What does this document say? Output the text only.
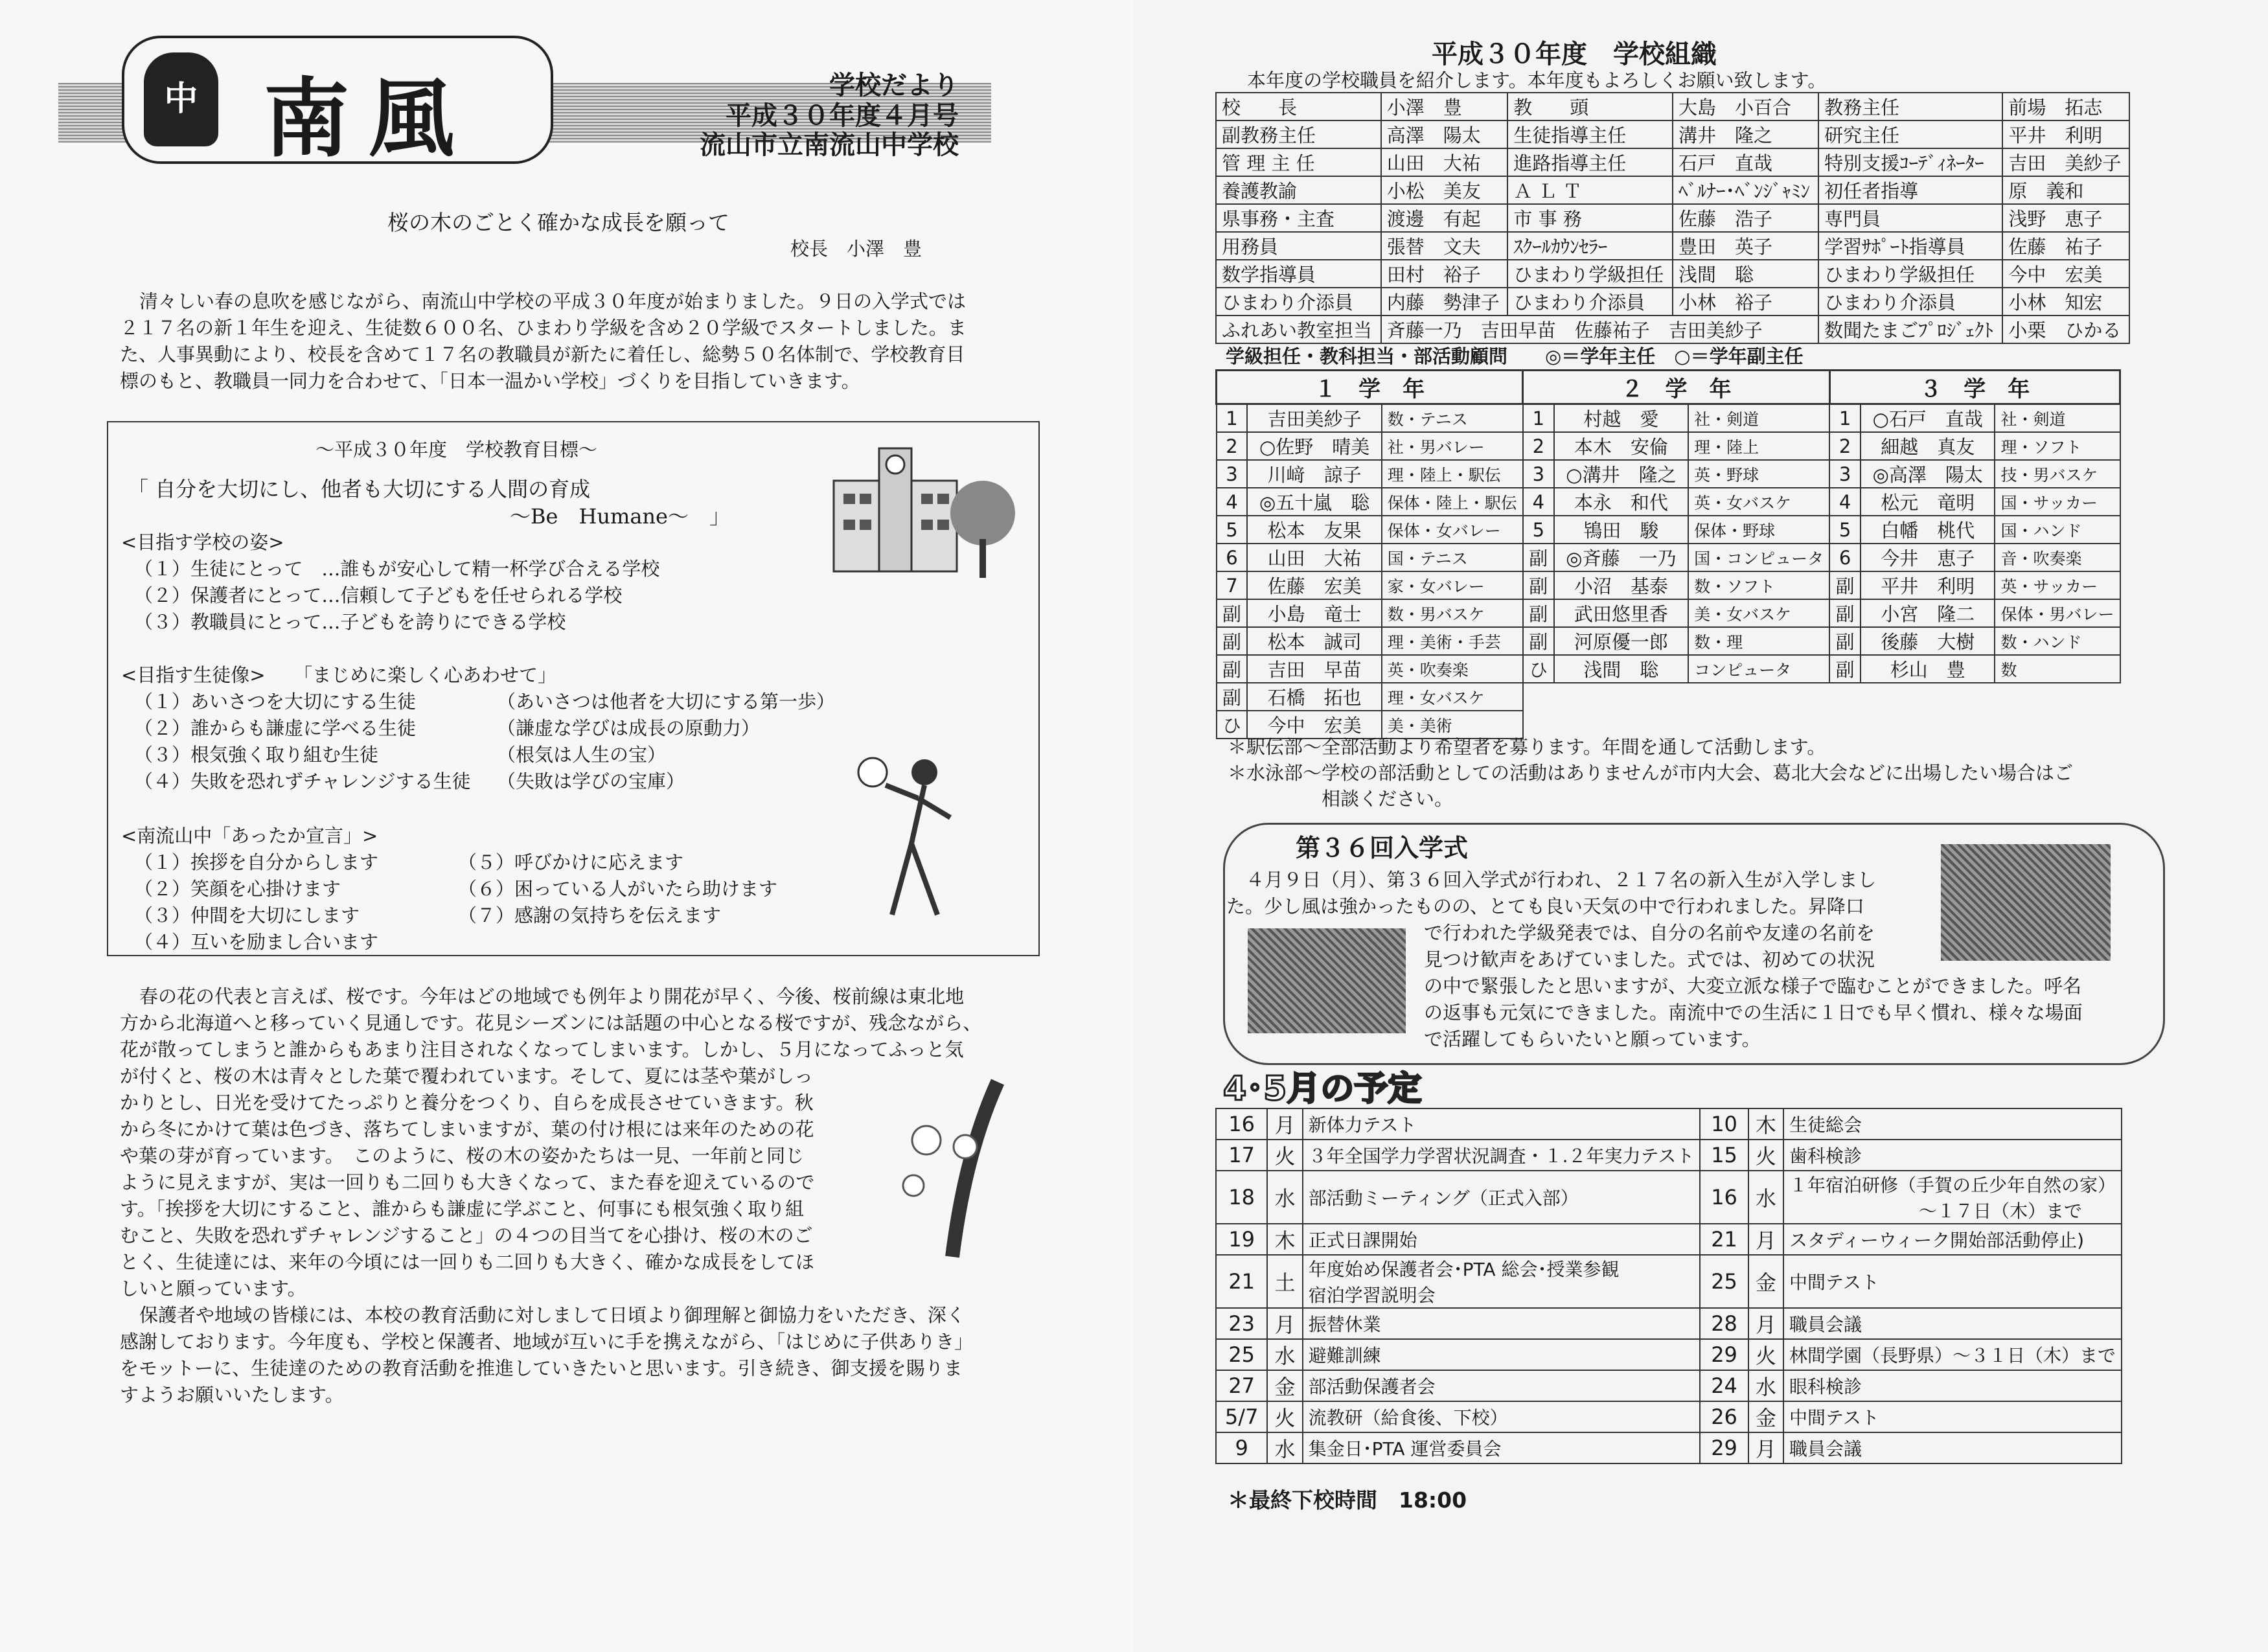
中 南風	学校だより
平成３０年度４月号
流山市立南流山中学校
桜の木のごとく確かな成長を願って
校長　小澤　豊
清々しい春の息吹を感じながら、南流山中学校の平成３０年度が始まりました。９日の入学式では
２１７名の新１年生を迎え、生徒数６００名、ひまわり学級を含め２０学級でスタートしました。ま
た、人事異動により、校長を含めて１７名の教職員が新たに着任し、総勢５０名体制で、学校教育目
標のもと、教職員一同力を合わせて、「日本一温かい学校」づくりを目指していきます。
～平成３０年度　学校教育目標～
「 自分を大切にし、他者も大切にする人間の育成
～Be　Humane～　」
<目指す学校の姿>
（１）生徒にとって　…誰もが安心して精一杯学び合える学校
（２）保護者にとって…信頼して子どもを任せられる学校
（３）教職員にとって…子どもを誇りにできる学校
<目指す生徒像>　　「まじめに楽しく心あわせて」
（１）あいさつを大切にする生徒	（あいさつは他者を大切にする第一歩）
（２）誰からも謙虚に学べる生徒	（謙虚な学びは成長の原動力）
（３）根気強く取り組む生徒	（根気は人生の宝）
（４）失敗を恐れずチャレンジする生徒 （失敗は学びの宝庫）
<南流山中「あったか宣言」>
（１）挨拶を自分からします
（２）笑顔を心掛けます
（３）仲間を大切にします
（４）互いを励まし合います
（５）呼びかけに応えます
（６）困っている人がいたら助けます
（７）感謝の気持ちを伝えます
春の花の代表と言えば、桜です。今年はどの地域でも例年より開花が早く、今後、桜前線は東北地
方から北海道へと移っていく見通しです。花見シーズンには話題の中心となる桜ですが、残念ながら、
花が散ってしまうと誰からもあまり注目されなくなってしまいます。しかし、５月になってふっと気
が付くと、桜の木は青々とした葉で覆われています。そして、夏には茎や葉がしっ
かりとし、日光を受けてたっぷりと養分をつくり、自らを成長させていきます。秋
から冬にかけて葉は色づき、落ちてしまいますが、葉の付け根には来年のための花
や葉の芽が育っています。　このように、桜の木の姿かたちは一見、一年前と同じ
ように見えますが、実は一回りも二回りも大きくなって、また春を迎えているので
す。「挨拶を大切にすること、誰からも謙虚に学ぶこと、何事にも根気強く取り組
むこと、失敗を恐れずチャレンジすること」の４つの目当てを心掛け、桜の木のご
とく、生徒達には、来年の今頃には一回りも二回りも大きく、確かな成長をしてほ
しいと願っています。
保護者や地域の皆様には、本校の教育活動に対しまして日頃より御理解と御協力をいただき、深く
感謝しております。今年度も、学校と保護者、地域が互いに手を携えながら、「はじめに子供ありき」
をモットーに、生徒達のための教育活動を推進していきたいと思います。引き続き、御支援を賜りま
すようお願いいたします。
平成３０年度　学校組織
本年度の学校職員を紹介します。本年度もよろしくお願い致します。
校　　長	小澤　豊	教　　頭	大島　小百合	教務主任	前場　拓志
副教務主任	高澤　陽太	生徒指導主任	溝井　隆之	研究主任	平井　利明
管 理 主 任	山田　大祐	進路指導主任	石戸　直哉	特別支援ｺｰﾃﾞｨﾈｰﾀｰ	吉田　美紗子
養護教諭	小松　美友	Ａ Ｌ Ｔ	ﾍﾞﾙﾅｰ･ﾍﾞﾝｼﾞｬﾐﾝ	初任者指導	原　義和
県事務・主査	渡邊　有起	市 事 務	佐藤　浩子	専門員	浅野　恵子
用務員	張替　文夫	ｽｸｰﾙｶｳﾝｾﾗｰ	豊田　英子	学習ｻﾎﾟｰﾄ指導員	佐藤　祐子
数学指導員	田村　裕子	ひまわり学級担任	浅間　聡	ひまわり学級担任	今中　宏美
ひまわり介添員	内藤　勢津子	ひまわり介添員	小林　裕子	ひまわり介添員	小林　知宏
ふれあい教室担当	斉藤一乃　吉田早苗　佐藤祐子　吉田美紗子			数聞たまごﾌﾟﾛｼﾞｪｸﾄ	小栗　ひかる
学級担任・教科担当・部活動顧問　　◎＝学年主任　○＝学年副主任
１　学　年			２　学　年			３　学　年		
1	吉田美紗子	数・テニス	1	村越　愛	社・剣道	1	○石戸　直哉	社・剣道
2	○佐野　晴美	社・男バレー	2	本木　安倫	理・陸上	2	細越　真友	理・ソフト
3	川﨑　諒子	理・陸上・駅伝	3	○溝井　隆之	英・野球	3	◎高澤　陽太	技・男バスケ
4	◎五十嵐　聡	保体・陸上・駅伝	4	本永　和代	英・女バスケ	4	松元　竜明	国・サッカー
5	松本　友果	保体・女バレー	5	鴇田　駿	保体・野球	5	白幡　桃代	国・ハンド
6	山田　大祐	国・テニス	副	◎斉藤　一乃	国・コンピュータ	6	今井　恵子	音・吹奏楽
7	佐藤　宏美	家・女バレー	副	小沼　基泰	数・ソフト	副	平井　利明	英・サッカー
副	小島　竜士	数・男バスケ	副	武田悠里香	美・女バスケ	副	小宮　隆二	保体・男バレー
副	松本　誠司	理・美術・手芸	副	河原優一郎	数・理	副	後藤　大樹	数・ハンド
副	吉田　早苗	英・吹奏楽	ひ	浅間　聡	コンピュータ	副	杉山　豊	数
副	石橋　拓也	理・女バスケ						
ひ	今中　宏美	美・美術						
＊駅伝部～全部活動より希望者を募ります。年間を通して活動します。
＊水泳部～学校の部活動としての活動はありませんが市内大会、葛北大会などに出場したい場合はご
　　　　　相談ください。
第３６回入学式
４月９日（月）、第３６回入学式が行われ、２１７名の新入生が入学しまし
た。少し風は強かったものの、とても良い天気の中で行われました。昇降口
で行われた学級発表では、自分の名前や友達の名前を
見つけ歓声をあげていました。式では、初めての状況
の中で緊張したと思いますが、大変立派な様子で臨むことができました。呼名
の返事も元気にできました。南流中での生活に１日でも早く慣れ、様々な場面
で活躍してもらいたいと願っています。
4･5月の予定
16	月	新体力テスト	10	木	生徒総会

17	火	３年全国学力学習状況調査・１.２年実力テスト	15	火	歯科検診

18	水	部活動ミーティング（正式入部）	16	水	１年宿泊研修（手賀の丘少年自然の家）
～１７日（木）まで

19	木	正式日課開始	21	月	スタディーウィーク開始部活動停止)

21	土	年度始め保護者会･PTA 総会･授業参観
宿泊学習説明会	25	金	中間テスト

23	月	振替休業	28	月	職員会議

25	水	避難訓練	29	火	林間学園（長野県）～３１日（木）まで

27	金	部活動保護者会	24	水	眼科検診

5/7	火	流教研（給食後、下校）	26	金	中間テスト

9	水	集金日･PTA 運営委員会	29	月	職員会議
＊最終下校時間　18:00
